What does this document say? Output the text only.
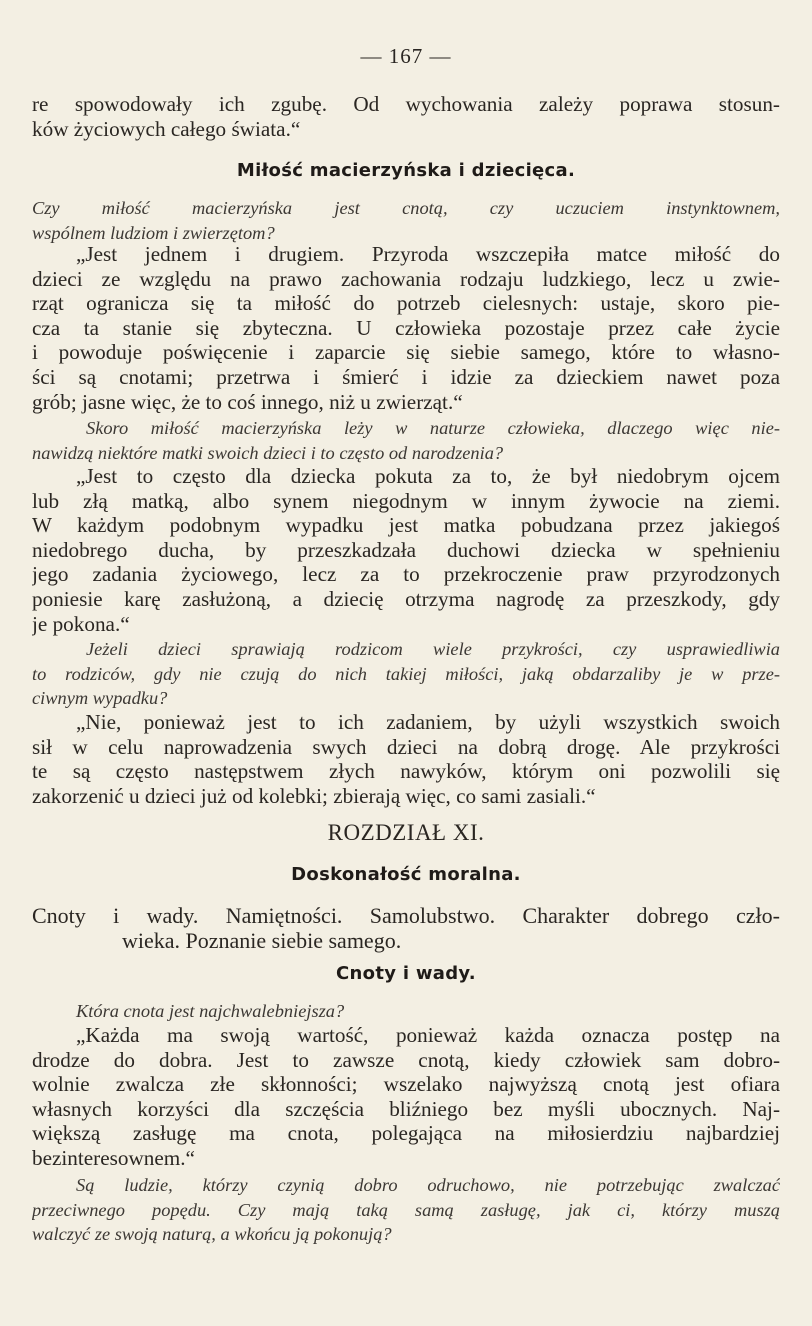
— 167 —
re spowodowały ich zgubę. Od wychowania zależy poprawa stosun-
ków życiowych całego świata.“
Miłość macierzyńska i dziecięca.
Czy miłość macierzyńska jest cnotą, czy uczuciem instynktownem,
wspólnem ludziom i zwierzętom?
„Jest jednem i drugiem. Przyroda wszczepiła matce miłość do
dzieci ze względu na prawo zachowania rodzaju ludzkiego, lecz u zwie-
rząt ogranicza się ta miłość do potrzeb cielesnych: ustaje, skoro pie-
cza ta stanie się zbyteczna. U człowieka pozostaje przez całe życie
i powoduje poświęcenie i zaparcie się siebie samego, które to własno-
ści są cnotami; przetrwa i śmierć i idzie za dzieckiem nawet poza
grób; jasne więc, że to coś innego, niż u zwierząt.“
Skoro miłość macierzyńska leży w naturze człowieka, dlaczego więc nie-
nawidzą niektóre matki swoich dzieci i to często od narodzenia?
„Jest to często dla dziecka pokuta za to, że był niedobrym ojcem
lub złą matką, albo synem niegodnym w innym żywocie na ziemi.
W każdym podobnym wypadku jest matka pobudzana przez jakiegoś
niedobrego ducha, by przeszkadzała duchowi dziecka w spełnieniu
jego zadania życiowego, lecz za to przekroczenie praw przyrodzonych
poniesie karę zasłużoną, a dziecię otrzyma nagrodę za przeszkody, gdy
je pokona.“
Jeżeli dzieci sprawiają rodzicom wiele przykrości, czy usprawiedliwia
to rodziców, gdy nie czują do nich takiej miłości, jaką obdarzaliby je w prze-
ciwnym wypadku?
„Nie, ponieważ jest to ich zadaniem, by użyli wszystkich swoich
sił w celu naprowadzenia swych dzieci na dobrą drogę. Ale przykrości
te są często następstwem złych nawyków, którym oni pozwolili się
zakorzenić u dzieci już od kolebki; zbierają więc, co sami zasiali.“
ROZDZIAŁ XI.
Doskonałość moralna.
Cnoty i wady. Namiętności. Samolubstwo. Charakter dobrego czło-
wieka. Poznanie siebie samego.
Cnoty i wady.
Która cnota jest najchwalebniejsza?
„Każda ma swoją wartość, ponieważ każda oznacza postęp na
drodze do dobra. Jest to zawsze cnotą, kiedy człowiek sam dobro-
wolnie zwalcza złe skłonności; wszelako najwyższą cnotą jest ofiara
własnych korzyści dla szczęścia bliźniego bez myśli ubocznych. Naj-
większą zasługę ma cnota, polegająca na miłosierdziu najbardziej
bezinteresownem.“
Są ludzie, którzy czynią dobro odruchowo, nie potrzebując zwalczać
przeciwnego popędu. Czy mają taką samą zasługę, jak ci, którzy muszą
walczyć ze swoją naturą, a wkońcu ją pokonują?
